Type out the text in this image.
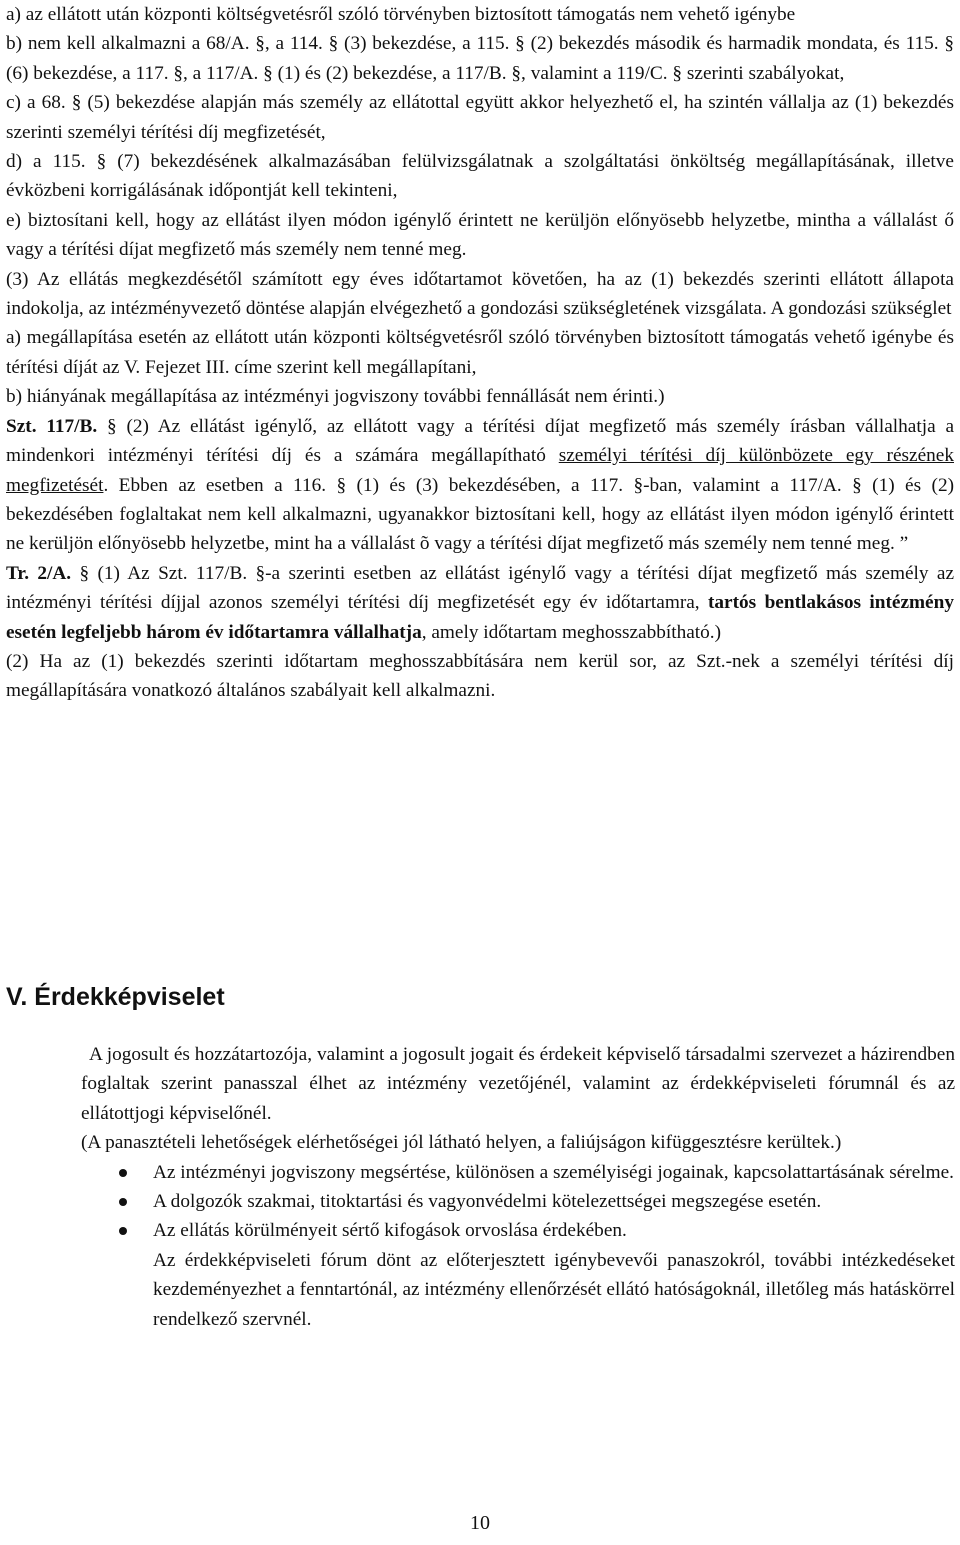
a) az ellátott után központi költségvetésről szóló törvényben biztosított támogatás nem vehető igénybe

b) nem kell alkalmazni a 68/A. §, a 114. § (3) bekezdése, a 115. § (2) bekezdés második és harmadik mondata, és 115. § (6) bekezdése, a 117. §, a 117/A. § (1) és (2) bekezdése, a 117/B. §, valamint a 119/C. § szerinti szabályokat,

c) a 68. § (5) bekezdése alapján más személy az ellátottal együtt akkor helyezhető el, ha szintén vállalja az (1) bekezdés szerinti személyi térítési díj megfizetését,

d) a 115. § (7) bekezdésének alkalmazásában felülvizsgálatnak a szolgáltatási önköltség megállapításának, illetve évközbeni korrigálásának időpontját kell tekinteni,

e) biztosítani kell, hogy az ellátást ilyen módon igénylő érintett ne kerüljön előnyösebb helyzetbe, mintha a vállalást ő vagy a térítési díjat megfizető más személy nem tenné meg.

(3) Az ellátás megkezdésétől számított egy éves időtartamot követően, ha az (1) bekezdés szerinti ellátott állapota indokolja, az intézményvezető döntése alapján elvégezhető a gondozási szükségletének vizsgálata. A gondozási szükséglet

a) megállapítása esetén az ellátott után központi költségvetésről szóló törvényben biztosított támogatás vehető igénybe és térítési díját az V. Fejezet III. címe szerint kell megállapítani,

b) hiányának megállapítása az intézményi jogviszony további fennállását nem érinti.)

Szt. 117/B. § (2) Az ellátást igénylő, az ellátott vagy a térítési díjat megfizető más személy írásban vállalhatja a mindenkori intézményi térítési díj és a számára megállapítható személyi térítési díj különbözete egy részének megfizetését. Ebben az esetben a 116. § (1) és (3) bekezdésében, a 117. §-ban, valamint a 117/A. § (1) és (2) bekezdésében foglaltakat nem kell alkalmazni, ugyanakkor biztosítani kell, hogy az ellátást ilyen módon igénylő érintett ne kerüljön előnyösebb helyzetbe, mint ha a vállalást õ vagy a térítési díjat megfizető más személy nem tenné meg. ”

Tr. 2/A. § (1) Az Szt. 117/B. §-a szerinti esetben az ellátást igénylő vagy a térítési díjat megfizető más személy az intézményi térítési díjjal azonos személyi térítési díj megfizetését egy év időtartamra, tartós bentlakásos intézmény esetén legfeljebb három év időtartamra vállalhatja, amely időtartam meghosszabbítható.)

(2) Ha az (1) bekezdés szerinti időtartam meghosszabbítására nem kerül sor, az Szt.-nek a személyi térítési díj megállapítására vonatkozó általános szabályait kell alkalmazni.

V. Érdekképviselet

A jogosult és hozzátartozója, valamint a jogosult jogait és érdekeit képviselő társadalmi szervezet a házirendben foglaltak szerint panasszal élhet az intézmény vezetőjénél, valamint az érdekképviseleti fórumnál és az ellátottjogi képviselőnél.

(A panasztételi lehetőségek elérhetőségei jól látható helyen, a faliújságon kifüggesztésre kerültek.)

Az intézményi jogviszony megsértése, különösen a személyiségi jogainak, kapcsolattartásának sérelme.
A dolgozók szakmai, titoktartási és vagyonvédelmi kötelezettségei megszegése esetén.
Az ellátás körülményeit sértő kifogások orvoslása érdekében.

Az érdekképviseleti fórum dönt az előterjesztett igénybevevői panaszokról, további intézkedéseket kezdeményezhet a fenntartónál, az intézmény ellenőrzését ellátó hatóságoknál, illetőleg más hatáskörrel rendelkező szervnél.

10
